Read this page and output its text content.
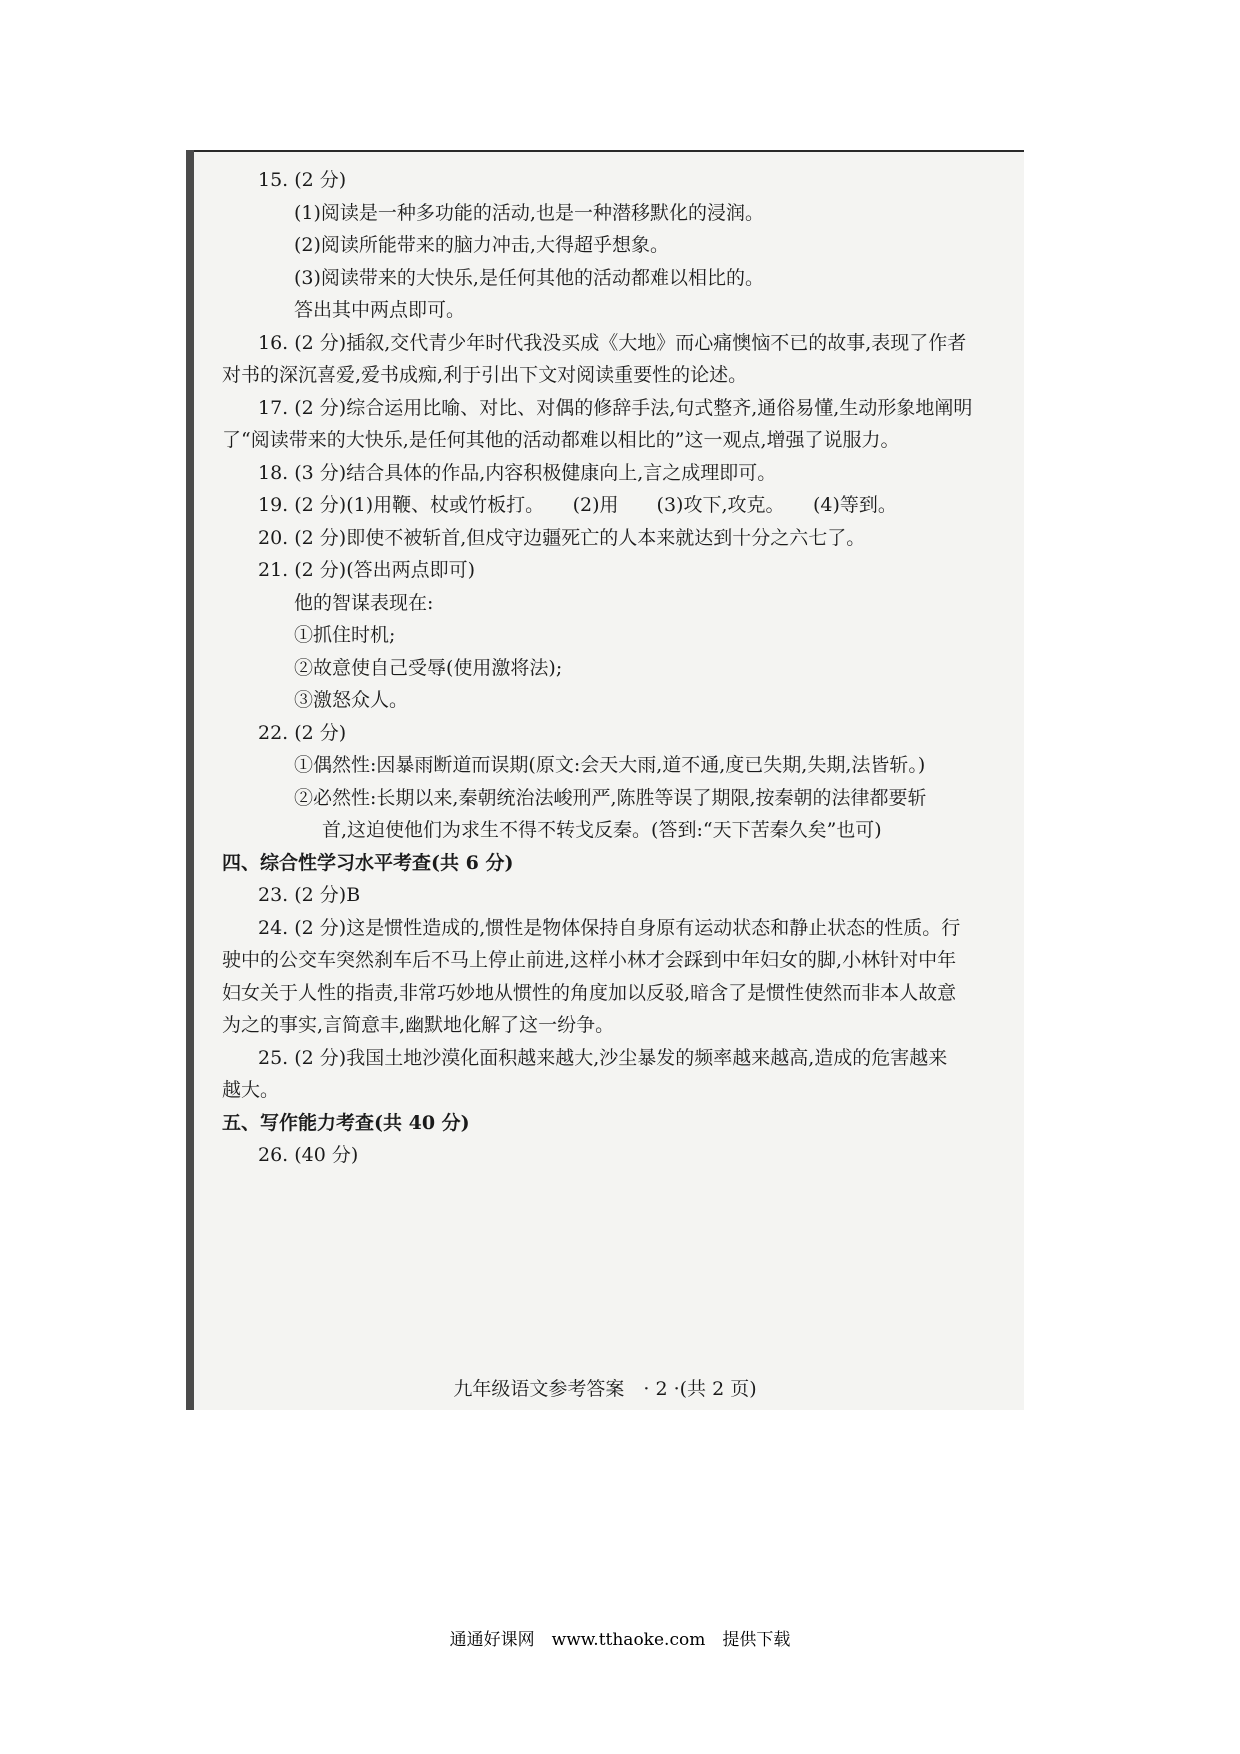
15. (2 分)
(1)阅读是一种多功能的活动,也是一种潜移默化的浸润。
(2)阅读所能带来的脑力冲击,大得超乎想象。
(3)阅读带来的大快乐,是任何其他的活动都难以相比的。
答出其中两点即可。
16. (2 分)插叙,交代青少年时代我没买成《大地》而心痛懊恼不已的故事,表现了作者
对书的深沉喜爱,爱书成痴,利于引出下文对阅读重要性的论述。
17. (2 分)综合运用比喻、对比、对偶的修辞手法,句式整齐,通俗易懂,生动形象地阐明
了“阅读带来的大快乐,是任何其他的活动都难以相比的”这一观点,增强了说服力。
18. (3 分)结合具体的作品,内容积极健康向上,言之成理即可。
19. (2 分)(1)用鞭、杖或竹板打。　　(2)用　　(3)攻下,攻克。　　(4)等到。
20. (2 分)即使不被斩首,但戍守边疆死亡的人本来就达到十分之六七了。
21. (2 分)(答出两点即可)
他的智谋表现在:
①抓住时机;
②故意使自己受辱(使用激将法);
③激怒众人。
22. (2 分)
①偶然性:因暴雨断道而误期(原文:会天大雨,道不通,度已失期,失期,法皆斩。)
②必然性:长期以来,秦朝统治法峻刑严,陈胜等误了期限,按秦朝的法律都要斩
首,这迫使他们为求生不得不转戈反秦。(答到:“天下苦秦久矣”也可)
四、综合性学习水平考查(共 6 分)
23. (2 分)B
24. (2 分)这是惯性造成的,惯性是物体保持自身原有运动状态和静止状态的性质。行
驶中的公交车突然刹车后不马上停止前进,这样小林才会踩到中年妇女的脚,小林针对中年
妇女关于人性的指责,非常巧妙地从惯性的角度加以反驳,暗含了是惯性使然而非本人故意
为之的事实,言简意丰,幽默地化解了这一纷争。
25. (2 分)我国土地沙漠化面积越来越大,沙尘暴发的频率越来越高,造成的危害越来
越大。
五、写作能力考查(共 40 分)
26. (40 分)
九年级语文参考答案　· 2 ·(共 2 页)
通通好课网　www.tthaoke.com　提供下载
